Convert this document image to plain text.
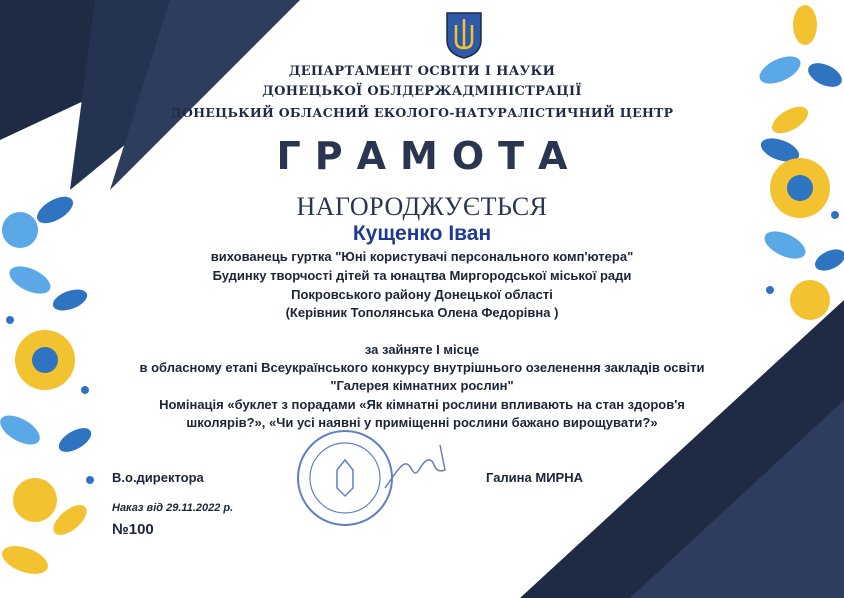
ДЕПАРТАМЕНТ ОСВІТИ І НАУКИ
ДОНЕЦЬКОЇ ОБЛДЕРЖАДМІНІСТРАЦІЇ
ДОНЕЦЬКИЙ ОБЛАСНИЙ ЕКОЛОГО-НАТУРАЛІСТИЧНИЙ ЦЕНТР
ГРАМОТА
НАГОРОДЖУЄТЬСЯ
Кущенко Іван
вихованець гуртка "Юні користувачі персонального комп'ютера"
Будинку творчості дітей та юнацтва Миргородської міської ради
Покровського району Донецької області
(Керівник Тополянська Олена Федорівна )
за зайняте І місце
в обласному етапі Всеукраїнського конкурсу внутрішнього озеленення закладів освіти
"Галерея кімнатних рослин"
Номінація «буклет з порадами «Як кімнатні рослини впливають на стан здоров'я
школярів?», «Чи усі наявні у приміщенні рослини бажано вирощувати?»
В.о.директора	Галина МИРНА
Наказ від 29.11.2022 р.
№100
